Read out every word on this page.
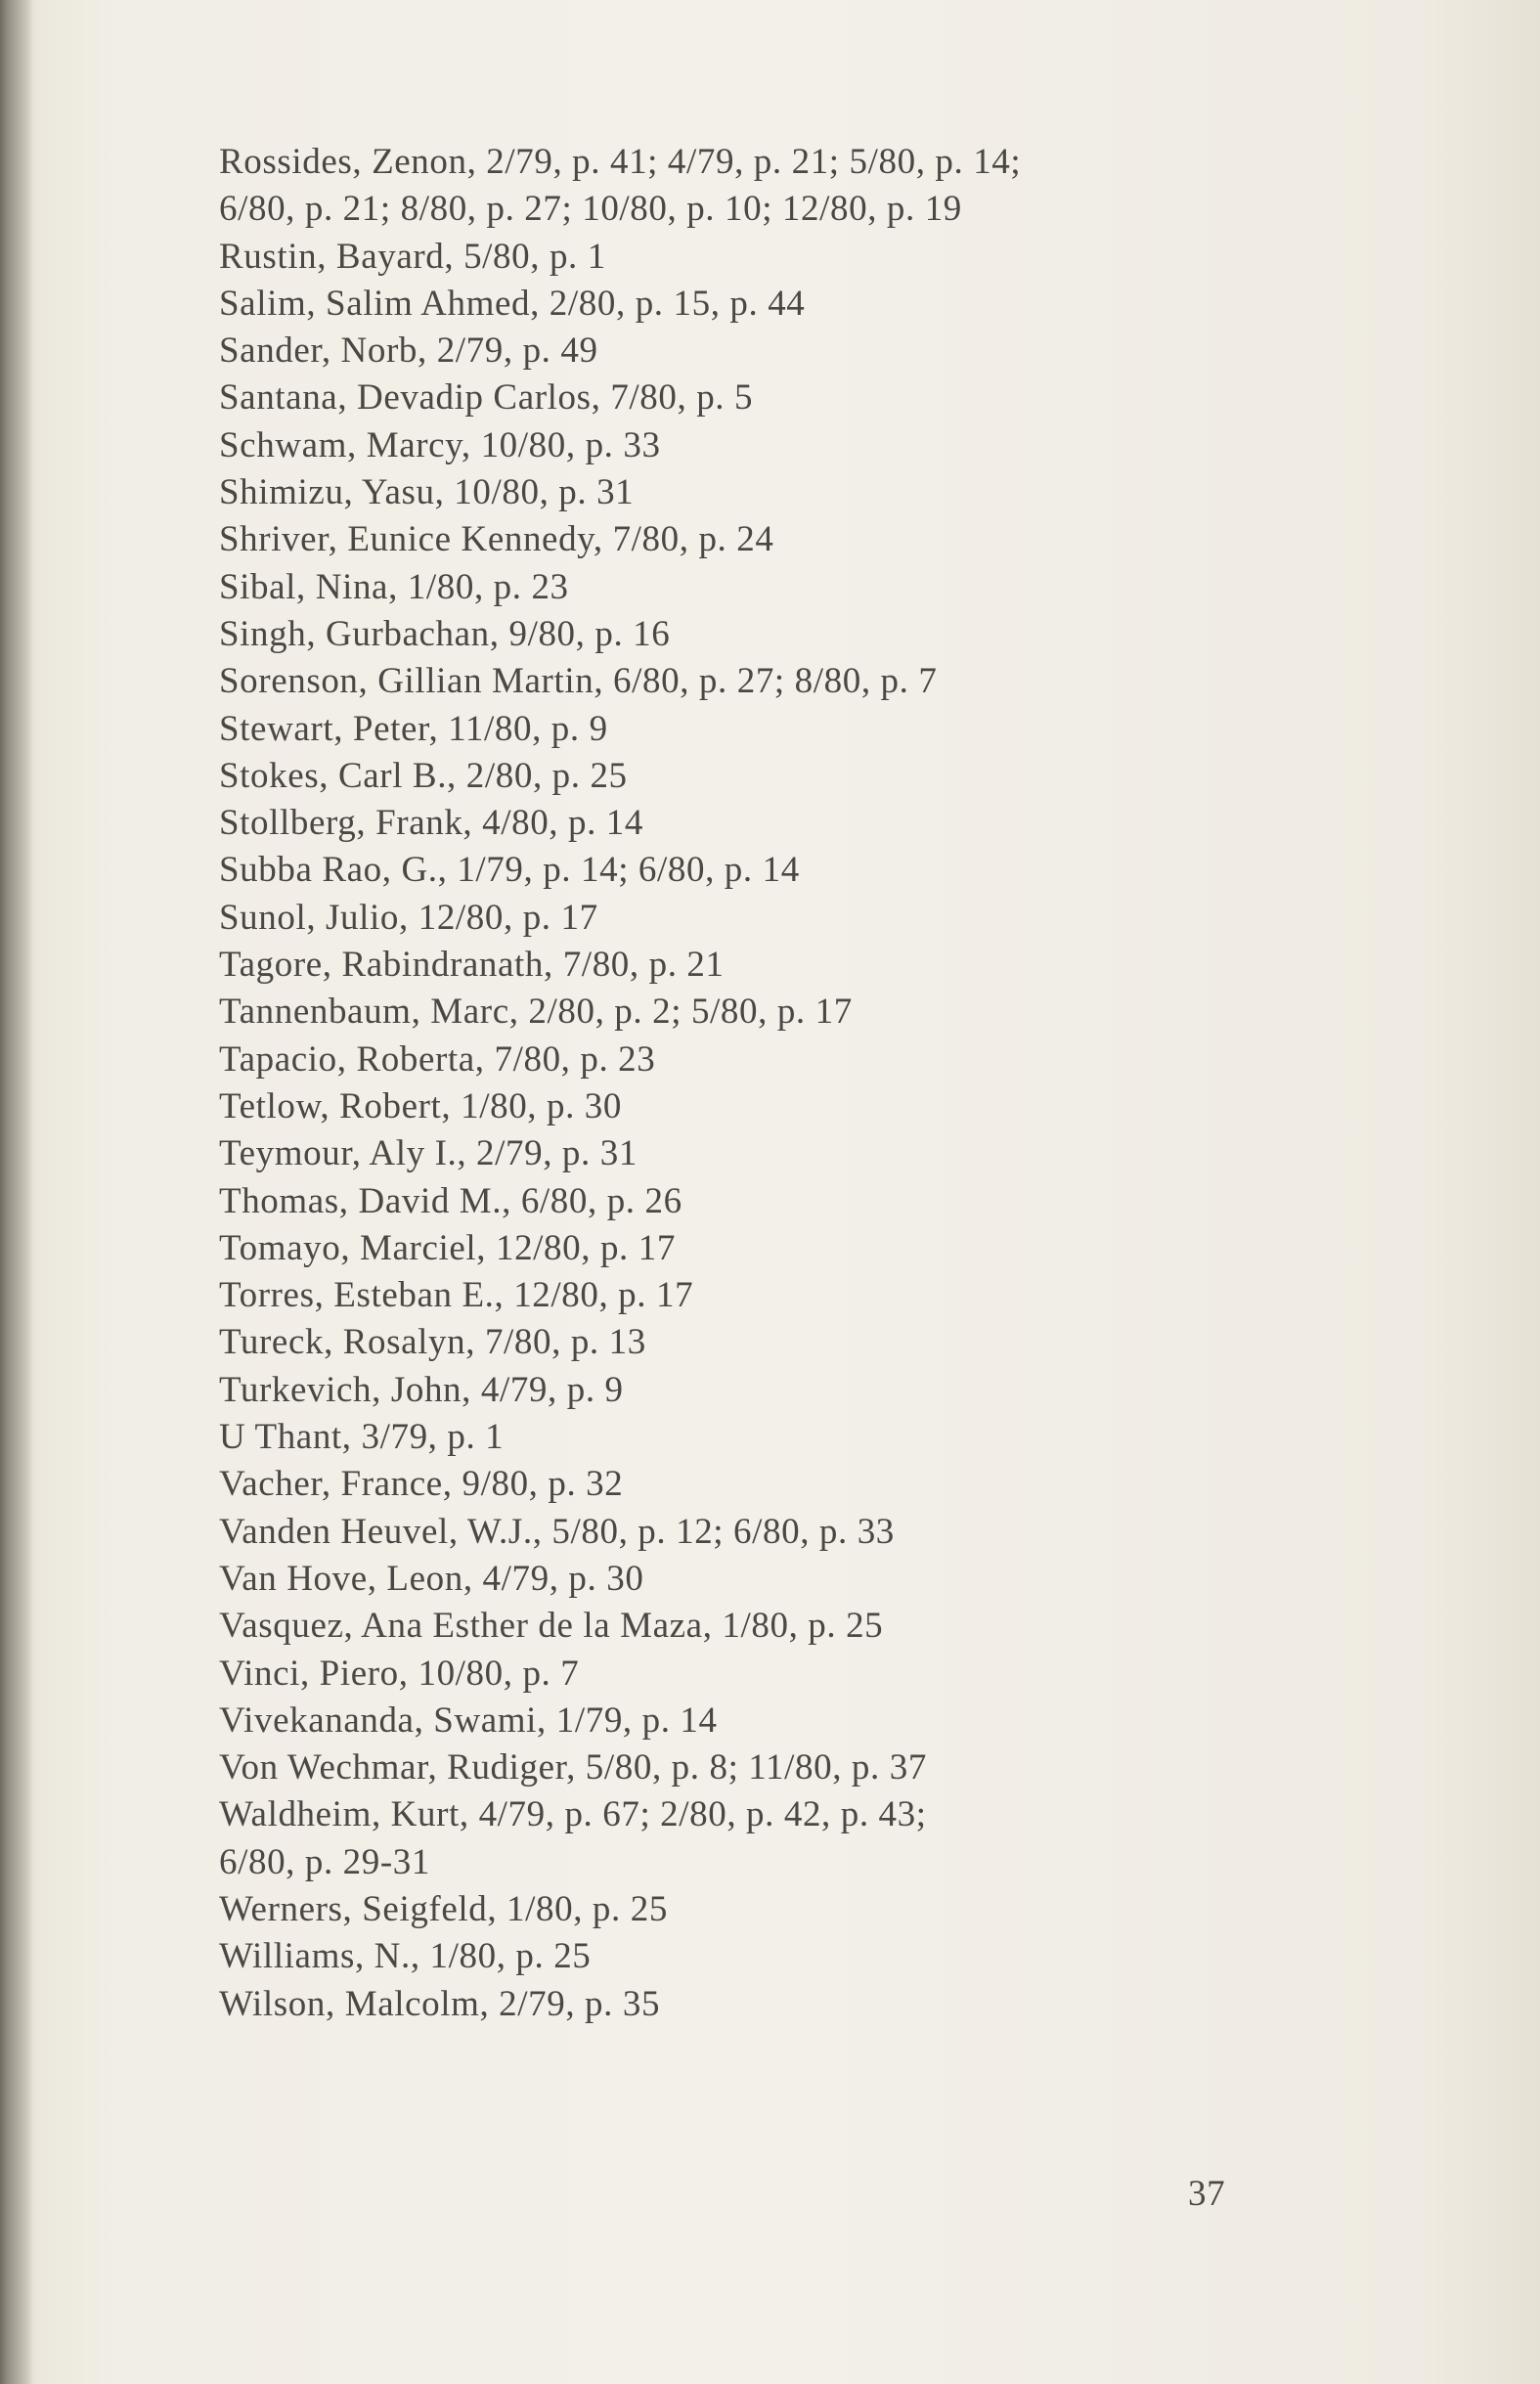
Rossides, Zenon, 2/79, p. 41; 4/79, p. 21; 5/80, p. 14;
6/80, p. 21; 8/80, p. 27; 10/80, p. 10; 12/80, p. 19
Rustin, Bayard, 5/80, p. 1
Salim, Salim Ahmed, 2/80, p. 15, p. 44
Sander, Norb, 2/79, p. 49
Santana, Devadip Carlos, 7/80, p. 5
Schwam, Marcy, 10/80, p. 33
Shimizu, Yasu, 10/80, p. 31
Shriver, Eunice Kennedy, 7/80, p. 24
Sibal, Nina, 1/80, p. 23
Singh, Gurbachan, 9/80, p. 16
Sorenson, Gillian Martin, 6/80, p. 27; 8/80, p. 7
Stewart, Peter, 11/80, p. 9
Stokes, Carl B., 2/80, p. 25
Stollberg, Frank, 4/80, p. 14
Subba Rao, G., 1/79, p. 14; 6/80, p. 14
Sunol, Julio, 12/80, p. 17
Tagore, Rabindranath, 7/80, p. 21
Tannenbaum, Marc, 2/80, p. 2; 5/80, p. 17
Tapacio, Roberta, 7/80, p. 23
Tetlow, Robert, 1/80, p. 30
Teymour, Aly I., 2/79, p. 31
Thomas, David M., 6/80, p. 26
Tomayo, Marciel, 12/80, p. 17
Torres, Esteban E., 12/80, p. 17
Tureck, Rosalyn, 7/80, p. 13
Turkevich, John, 4/79, p. 9
U Thant, 3/79, p. 1
Vacher, France, 9/80, p. 32
Vanden Heuvel, W.J., 5/80, p. 12; 6/80, p. 33
Van Hove, Leon, 4/79, p. 30
Vasquez, Ana Esther de la Maza, 1/80, p. 25
Vinci, Piero, 10/80, p. 7
Vivekananda, Swami, 1/79, p. 14
Von Wechmar, Rudiger, 5/80, p. 8; 11/80, p. 37
Waldheim, Kurt, 4/79, p. 67; 2/80, p. 42, p. 43;
6/80, p. 29-31
Werners, Seigfeld, 1/80, p. 25
Williams, N., 1/80, p. 25
Wilson, Malcolm, 2/79, p. 35
37
